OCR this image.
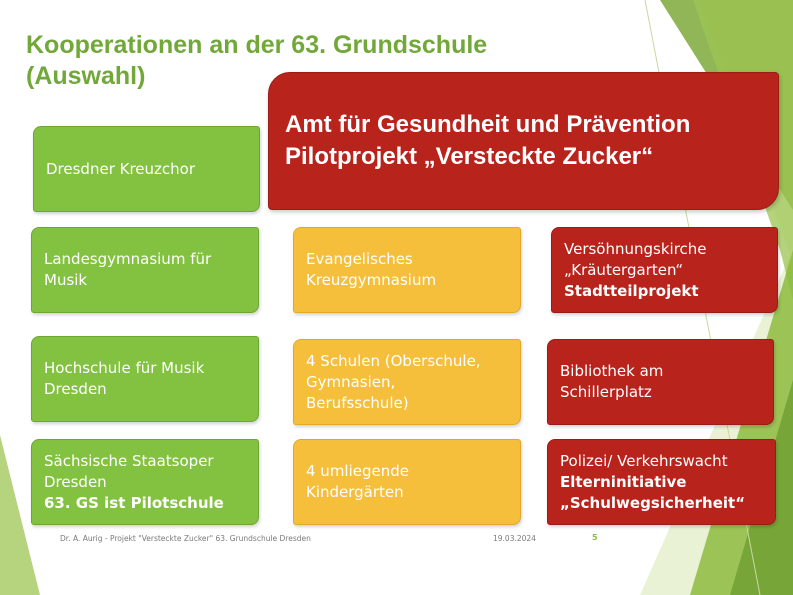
Kooperationen an der 63. Grundschule
(Auswahl)
Amt für Gesundheit und Prävention
Pilotprojekt „Versteckte Zucker“
Dresdner Kreuzchor
Landesgymnasium für
Musik
Hochschule für Musik
Dresden
Sächsische Staatsoper
Dresden
63. GS ist Pilotschule
Evangelisches
Kreuzgymnasium
4 Schulen (Oberschule,
Gymnasien,
Berufsschule)
4 umliegende
Kindergärten
Versöhnungskirche
„Kräutergarten“
Stadtteilprojekt
Bibliothek am
Schillerplatz
Polizei/ Verkehrswacht
Elterninitiative
„Schulwegsicherheit“
Dr. A. Aurig - Projekt "Versteckte Zucker" 63. Grundschule Dresden	19.03.2024	5
